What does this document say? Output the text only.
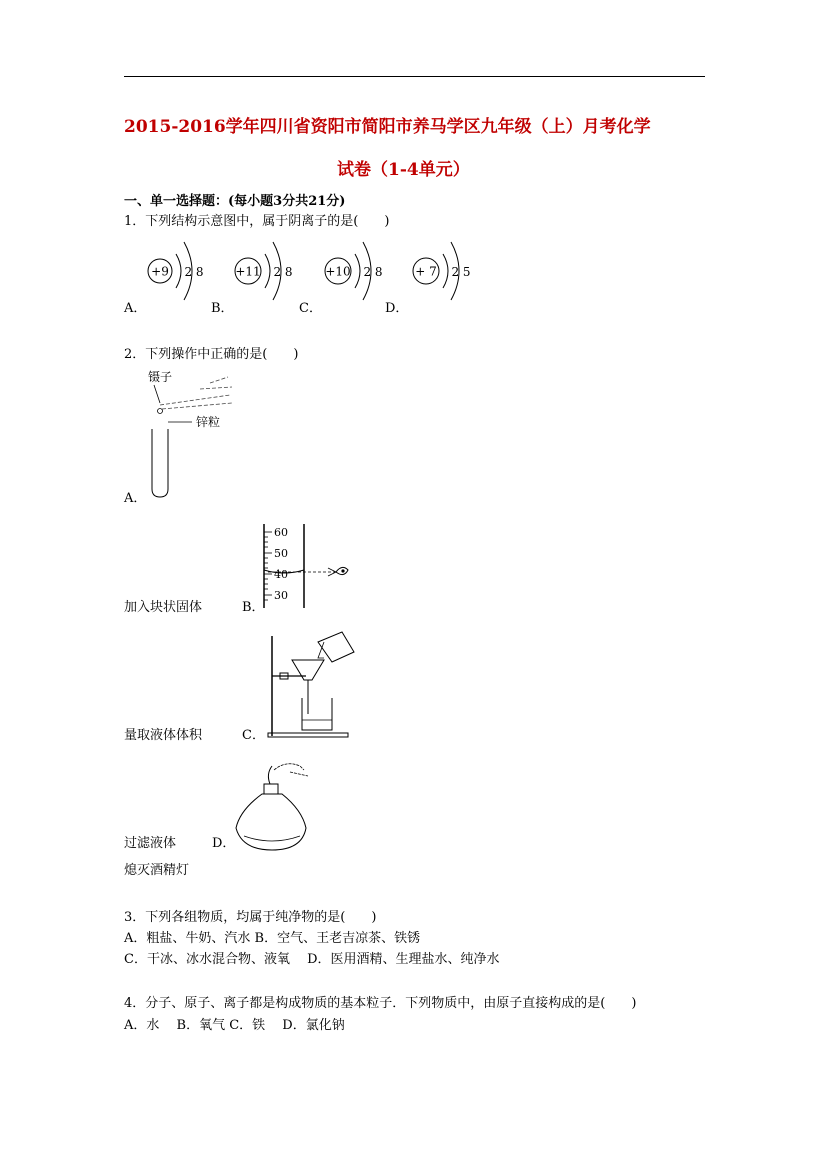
2015-2016学年四川省资阳市简阳市养马学区九年级（上）月考化学
试卷（1-4单元）
一、单一选择题：(每小题3分共21分)
1．下列结构示意图中，属于阴离子的是(　　)
A．
+9 2 8
B．
+11 2 8
C．
+10 2 8
D．
+ 7 2 5
2．下列操作中正确的是(　　)
镊子
锌粒
A．
加入块状固体	B．
60
50
40
30
量取液体体积	C．
过滤液体	D．
熄灭酒精灯
3．下列各组物质，均属于纯净物的是(　　)
A．粗盐、牛奶、汽水 B．空气、王老吉凉茶、铁锈
C．干冰、冰水混合物、液氧　 D．医用酒精、生理盐水、纯净水
4．分子、原子、离子都是构成物质的基本粒子．下列物质中，由原子直接构成的是(　　)
A．水　 B．氧气 C．铁　 D．氯化钠
